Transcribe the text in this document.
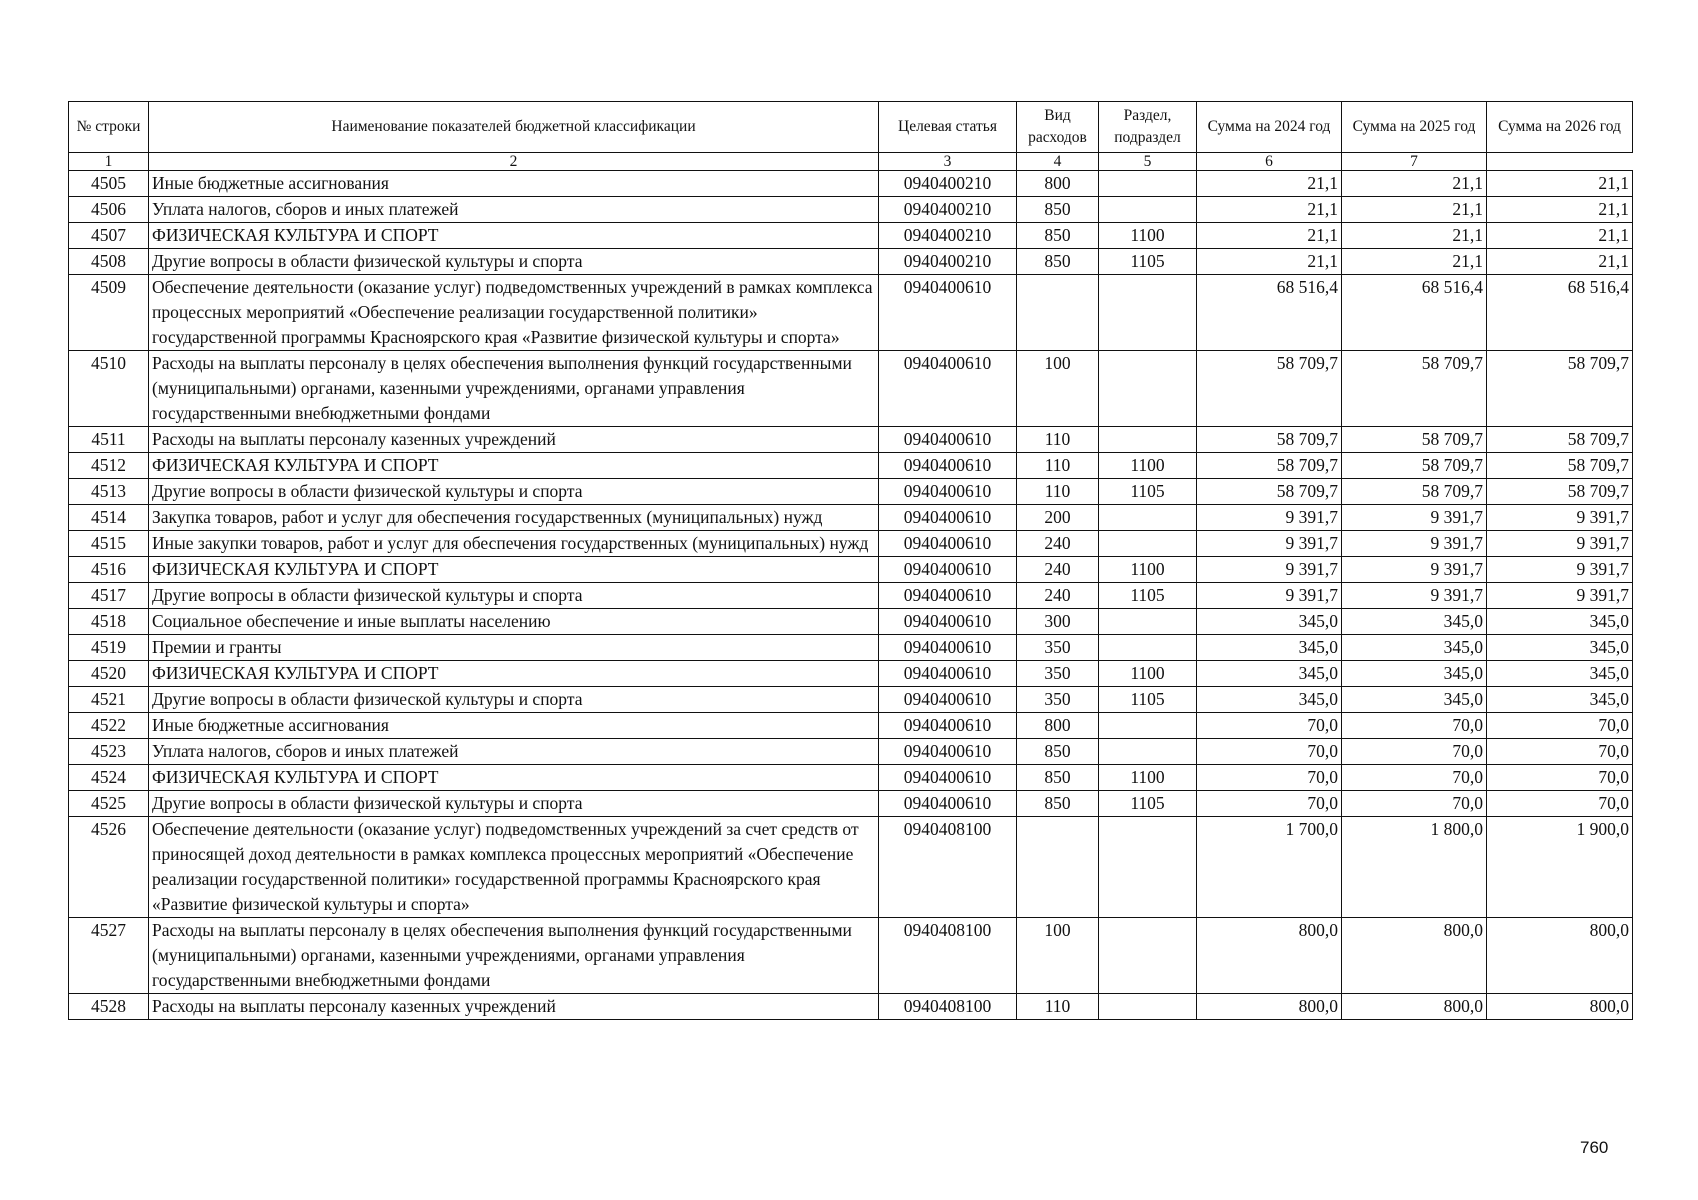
№ строки	Наименование показателей бюджетной классификации	Целевая статья	Вид расходов	Раздел, подраздел	Сумма на 2024 год	Сумма на 2025 год	Сумма на 2026 год
1	2	3	4	5	6	7	
4505	Иные бюджетные ассигнования	0940400210	800		21,1	21,1	21,1
4506	Уплата налогов, сборов и иных платежей	0940400210	850		21,1	21,1	21,1
4507	ФИЗИЧЕСКАЯ КУЛЬТУРА И СПОРТ	0940400210	850	1100	21,1	21,1	21,1
4508	Другие вопросы в области физической культуры и спорта	0940400210	850	1105	21,1	21,1	21,1
4509	Обеспечение деятельности (оказание услуг) подведомственных учреждений в рамках комплекса процессных мероприятий «Обеспечение реализации государственной политики» государственной программы Красноярского края «Развитие физической культуры и спорта»	0940400610			68 516,4	68 516,4	68 516,4
4510	Расходы на выплаты персоналу в целях обеспечения выполнения функций государственными (муниципальными) органами, казенными учреждениями, органами управления государственными внебюджетными фондами	0940400610	100		58 709,7	58 709,7	58 709,7
4511	Расходы на выплаты персоналу казенных учреждений	0940400610	110		58 709,7	58 709,7	58 709,7
4512	ФИЗИЧЕСКАЯ КУЛЬТУРА И СПОРТ	0940400610	110	1100	58 709,7	58 709,7	58 709,7
4513	Другие вопросы в области физической культуры и спорта	0940400610	110	1105	58 709,7	58 709,7	58 709,7
4514	Закупка товаров, работ и услуг для обеспечения государственных (муниципальных) нужд	0940400610	200		9 391,7	9 391,7	9 391,7
4515	Иные закупки товаров, работ и услуг для обеспечения государственных (муниципальных) нужд	0940400610	240		9 391,7	9 391,7	9 391,7
4516	ФИЗИЧЕСКАЯ КУЛЬТУРА И СПОРТ	0940400610	240	1100	9 391,7	9 391,7	9 391,7
4517	Другие вопросы в области физической культуры и спорта	0940400610	240	1105	9 391,7	9 391,7	9 391,7
4518	Социальное обеспечение и иные выплаты населению	0940400610	300		345,0	345,0	345,0
4519	Премии и гранты	0940400610	350		345,0	345,0	345,0
4520	ФИЗИЧЕСКАЯ КУЛЬТУРА И СПОРТ	0940400610	350	1100	345,0	345,0	345,0
4521	Другие вопросы в области физической культуры и спорта	0940400610	350	1105	345,0	345,0	345,0
4522	Иные бюджетные ассигнования	0940400610	800		70,0	70,0	70,0
4523	Уплата налогов, сборов и иных платежей	0940400610	850		70,0	70,0	70,0
4524	ФИЗИЧЕСКАЯ КУЛЬТУРА И СПОРТ	0940400610	850	1100	70,0	70,0	70,0
4525	Другие вопросы в области физической культуры и спорта	0940400610	850	1105	70,0	70,0	70,0
4526	Обеспечение деятельности (оказание услуг) подведомственных учреждений за счет средств от приносящей доход деятельности в рамках комплекса процессных мероприятий «Обеспечение реализации государственной политики» государственной программы Красноярского края «Развитие физической культуры и спорта»	0940408100			1 700,0	1 800,0	1 900,0
4527	Расходы на выплаты персоналу в целях обеспечения выполнения функций государственными (муниципальными) органами, казенными учреждениями, органами управления государственными внебюджетными фондами	0940408100	100		800,0	800,0	800,0
4528	Расходы на выплаты персоналу казенных учреждений	0940408100	110		800,0	800,0	800,0
760
